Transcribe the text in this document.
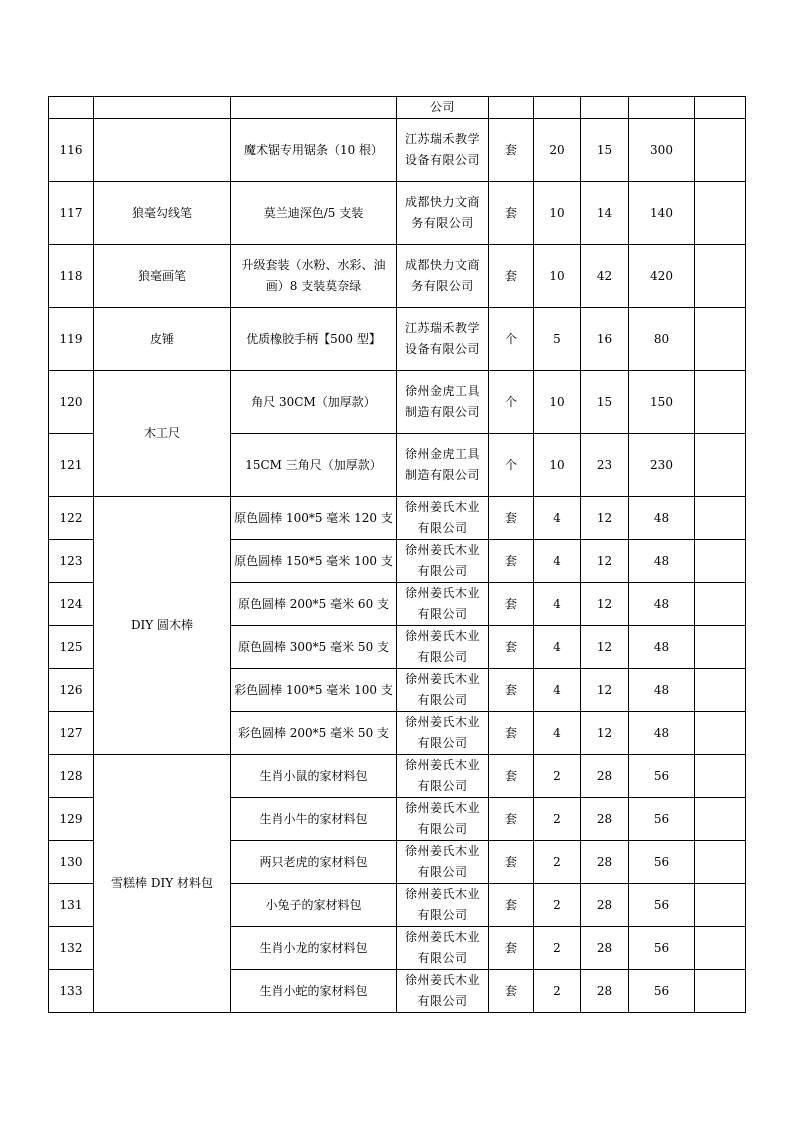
			公司					
116		魔术锯专用锯条（10 根）	江苏瑞禾教学设备有限公司	套	20	15	300	
117	狼毫勾线笔	莫兰迪深色/5 支装	成都快力文商务有限公司	套	10	14	140	
118	狼毫画笔	升级套装（水粉、水彩、油画）8 支装莫奈绿	成都快力文商务有限公司	套	10	42	420	
119	皮锤	优质橡胶手柄【500 型】	江苏瑞禾教学设备有限公司	个	5	16	80	
120	木工尺	角尺 30CM（加厚款）	徐州金虎工具制造有限公司	个	10	15	150	
121		15CM 三角尺（加厚款）	徐州金虎工具制造有限公司	个	10	23	230	
122	DIY 圆木棒	原色圆棒 100*5 毫米 120 支	徐州姜氏木业有限公司	套	4	12	48	
123		原色圆棒 150*5 毫米 100 支	徐州姜氏木业有限公司	套	4	12	48	
124		原色圆棒 200*5 毫米 60 支	徐州姜氏木业有限公司	套	4	12	48	
125		原色圆棒 300*5 毫米 50 支	徐州姜氏木业有限公司	套	4	12	48	
126		彩色圆棒 100*5 毫米 100 支	徐州姜氏木业有限公司	套	4	12	48	
127		彩色圆棒 200*5 毫米 50 支	徐州姜氏木业有限公司	套	4	12	48	
128	雪糕棒 DIY 材料包	生肖小鼠的家材料包	徐州姜氏木业有限公司	套	2	28	56	
129		生肖小牛的家材料包	徐州姜氏木业有限公司	套	2	28	56	
130		两只老虎的家材料包	徐州姜氏木业有限公司	套	2	28	56	
131		小兔子的家材料包	徐州姜氏木业有限公司	套	2	28	56	
132		生肖小龙的家材料包	徐州姜氏木业有限公司	套	2	28	56	
133		生肖小蛇的家材料包	徐州姜氏木业有限公司	套	2	28	56	
